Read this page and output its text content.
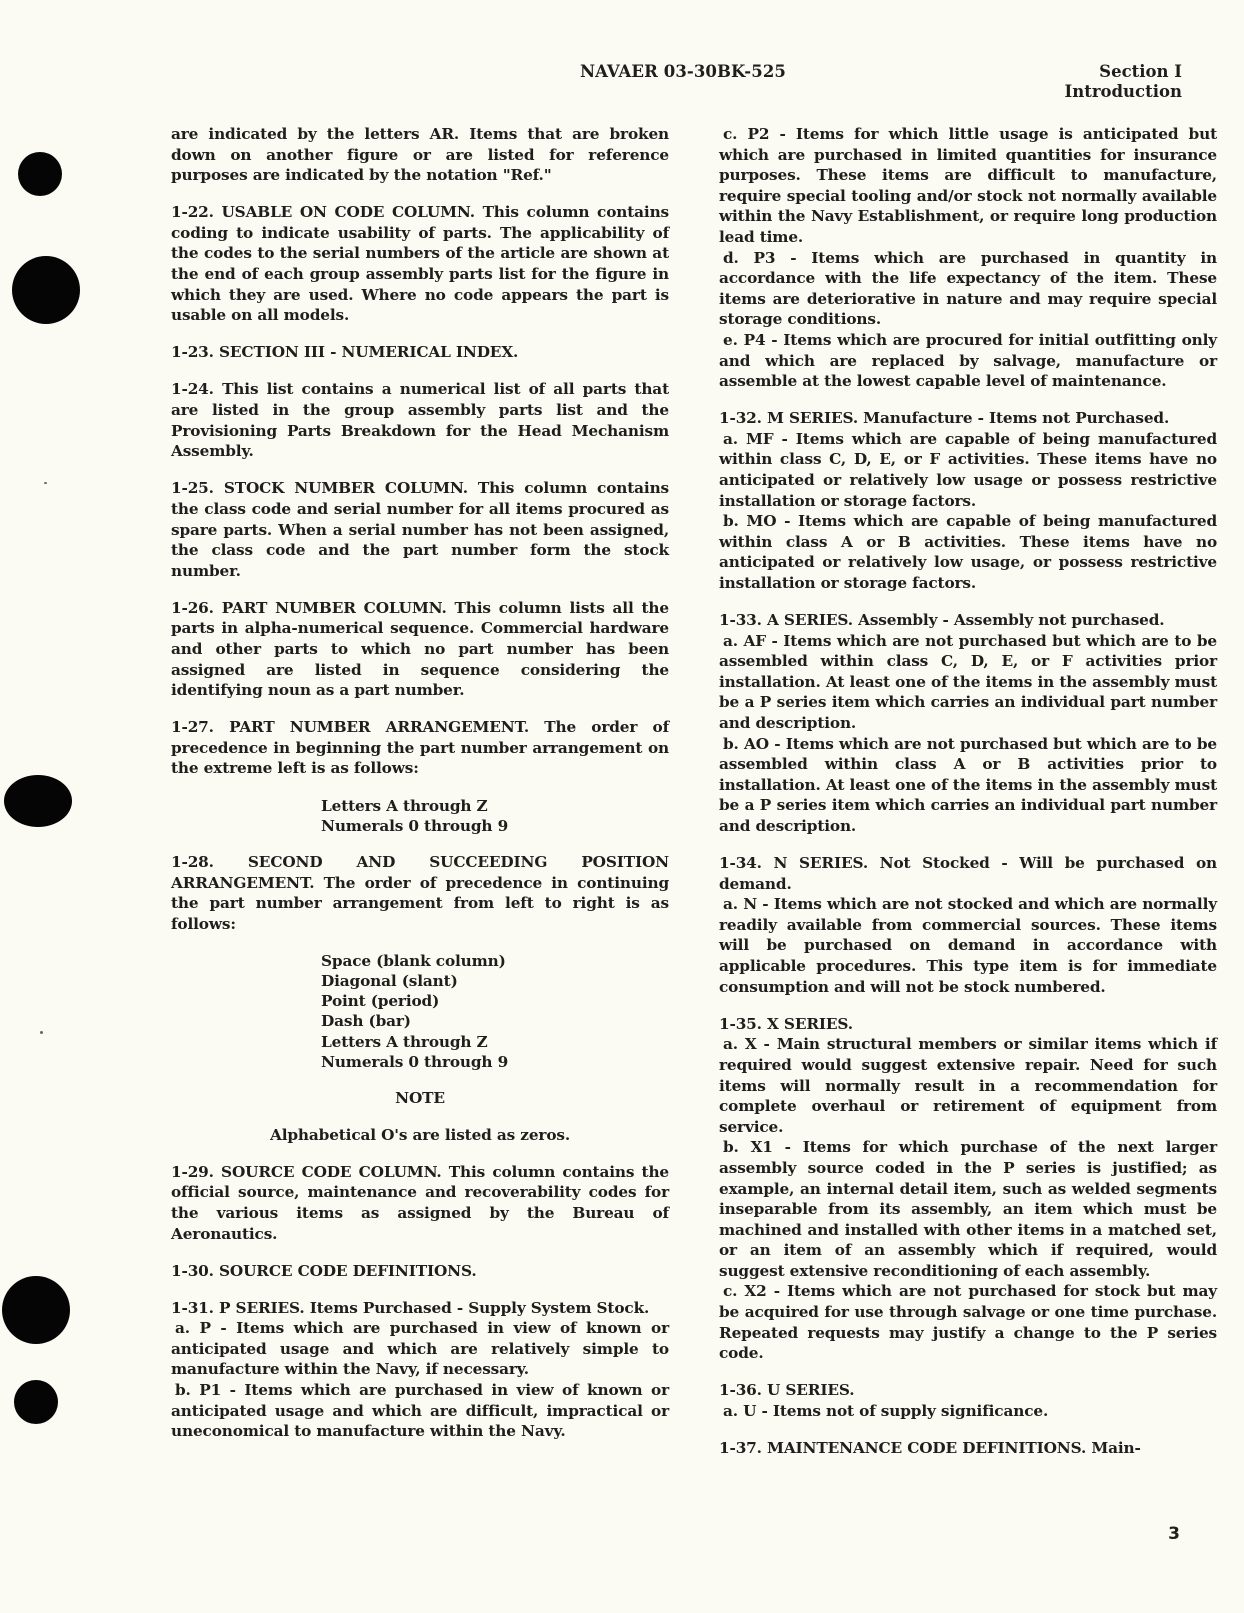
NAVAER 03-30BK-525	Section I
Introduction

are indicated by the letters AR. Items that are broken down on another figure or are listed for reference purposes are indicated by the notation "Ref."

1-22. USABLE ON CODE COLUMN. This column contains coding to indicate usability of parts. The applicability of the codes to the serial numbers of the article are shown at the end of each group assembly parts list for the figure in which they are used. Where no code appears the part is usable on all models.

1-23. SECTION III - NUMERICAL INDEX.

1-24. This list contains a numerical list of all parts that are listed in the group assembly parts list and the Provisioning Parts Breakdown for the Head Mechanism Assembly.

1-25. STOCK NUMBER COLUMN. This column contains the class code and serial number for all items procured as spare parts. When a serial number has not been assigned, the class code and the part number form the stock number.

1-26. PART NUMBER COLUMN. This column lists all the parts in alpha-numerical sequence. Commercial hardware and other parts to which no part number has been assigned are listed in sequence considering the identifying noun as a part number.

1-27. PART NUMBER ARRANGEMENT. The order of precedence in beginning the part number arrangement on the extreme left is as follows:

Letters A through Z
Numerals 0 through 9

1-28. SECOND AND SUCCEEDING POSITION ARRANGEMENT. The order of precedence in continuing the part number arrangement from left to right is as follows:

Space (blank column)
Diagonal (slant)
Point (period)
Dash (bar)
Letters A through Z
Numerals 0 through 9
NOTE
Alphabetical O's are listed as zeros.

1-29. SOURCE CODE COLUMN. This column contains the official source, maintenance and recoverability codes for the various items as assigned by the Bureau of Aeronautics.

1-30. SOURCE CODE DEFINITIONS.

1-31. P SERIES. Items Purchased - Supply System Stock.
a. P - Items which are purchased in view of known or anticipated usage and which are relatively simple to manufacture within the Navy, if necessary.
b. P1 - Items which are purchased in view of known or anticipated usage and which are difficult, impractical or uneconomical to manufacture within the Navy.
c. P2 - Items for which little usage is anticipated but which are purchased in limited quantities for insurance purposes. These items are difficult to manufacture, require special tooling and/or stock not normally available within the Navy Establishment, or require long production lead time.
d. P3 - Items which are purchased in quantity in accordance with the life expectancy of the item. These items are deteriorative in nature and may require special storage conditions.
e. P4 - Items which are procured for initial outfitting only and which are replaced by salvage, manufacture or assemble at the lowest capable level of maintenance.
1-32. M SERIES. Manufacture - Items not Purchased.
a. MF - Items which are capable of being manufactured within class C, D, E, or F activities. These items have no anticipated or relatively low usage or possess restrictive installation or storage factors.
b. MO - Items which are capable of being manufactured within class A or B activities. These items have no anticipated or relatively low usage, or possess restrictive installation or storage factors.
1-33. A SERIES. Assembly - Assembly not purchased.
a. AF - Items which are not purchased but which are to be assembled within class C, D, E, or F activities prior installation. At least one of the items in the assembly must be a P series item which carries an individual part number and description.
b. AO - Items which are not purchased but which are to be assembled within class A or B activities prior to installation. At least one of the items in the assembly must be a P series item which carries an individual part number and description.
1-34. N SERIES. Not Stocked - Will be purchased on demand.
a. N - Items which are not stocked and which are normally readily available from commercial sources. These items will be purchased on demand in accordance with applicable procedures. This type item is for immediate consumption and will not be stock numbered.
1-35. X SERIES.
a. X - Main structural members or similar items which if required would suggest extensive repair. Need for such items will normally result in a recommendation for complete overhaul or retirement of equipment from service.
b. X1 - Items for which purchase of the next larger assembly source coded in the P series is justified; as example, an internal detail item, such as welded segments inseparable from its assembly, an item which must be machined and installed with other items in a matched set, or an item of an assembly which if required, would suggest extensive reconditioning of each assembly.
c. X2 - Items which are not purchased for stock but may be acquired for use through salvage or one time purchase. Repeated requests may justify a change to the P series code.
1-36. U SERIES.
a. U - Items not of supply significance.

1-37. MAINTENANCE CODE DEFINITIONS. Main-

3
